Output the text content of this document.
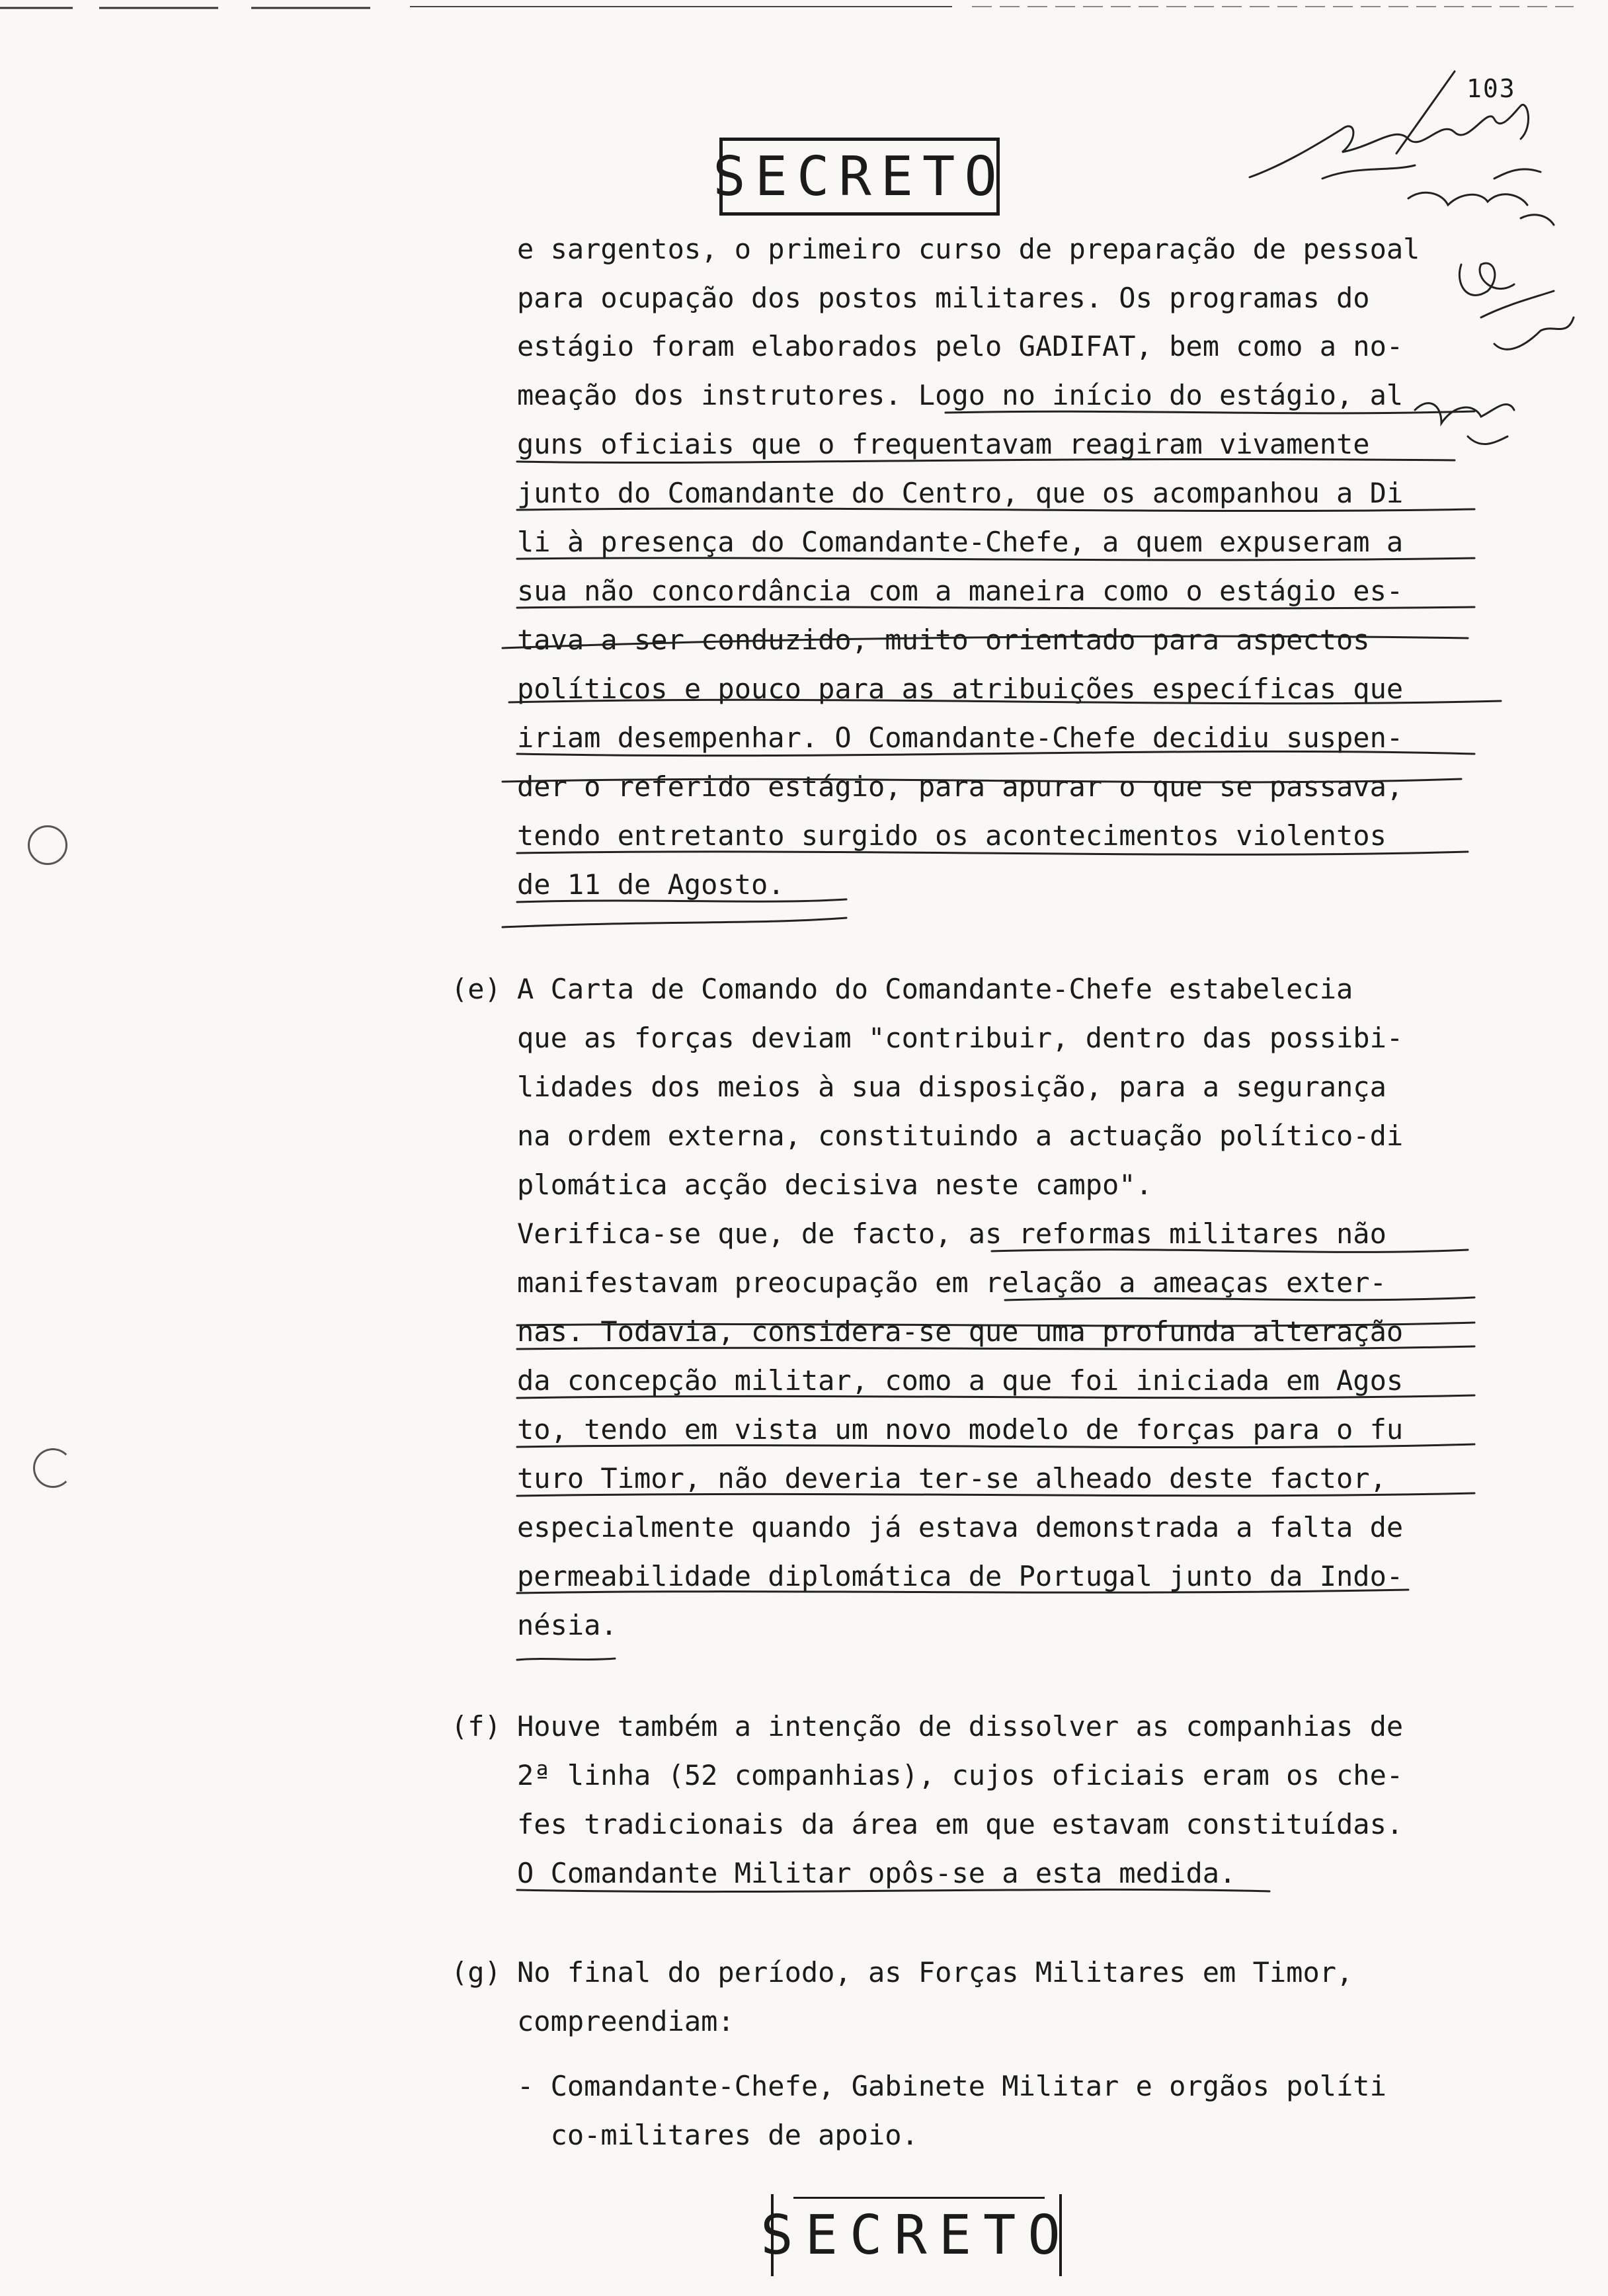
103
SECRETO
e sargentos, o primeiro curso de preparação de pessoal
para ocupação dos postos militares. Os programas do
estágio foram elaborados pelo GADIFAT, bem como a no-
meação dos instrutores. Logo no início do estágio, al
guns oficiais que o frequentavam reagiram vivamente
junto do Comandante do Centro, que os acompanhou a Di
li à presença do Comandante-Chefe, a quem expuseram a
sua não concordância com a maneira como o estágio es-
tava a ser conduzido, muito orientado para aspectos
políticos e pouco para as atribuições específicas que
iriam desempenhar. O Comandante-Chefe decidiu suspen-
der o referido estágio, para apurar o que se passava,
tendo entretanto surgido os acontecimentos violentos
de 11 de Agosto.
(e) A Carta de Comando do Comandante-Chefe estabelecia
que as forças deviam "contribuir, dentro das possibi-
lidades dos meios à sua disposição, para a segurança
na ordem externa, constituindo a actuação político-di
plomática acção decisiva neste campo".
Verifica-se que, de facto, as reformas militares não
manifestavam preocupação em relação a ameaças exter-
nas. Todavia, considera-se que uma profunda alteração
da concepção militar, como a que foi iniciada em Agos
to, tendo em vista um novo modelo de forças para o fu
turo Timor, não deveria ter-se alheado deste factor,
especialmente quando já estava demonstrada a falta de
permeabilidade diplomática de Portugal junto da Indo-
nésia.
(f) Houve também a intenção de dissolver as companhias de
2ª linha (52 companhias), cujos oficiais eram os che-
fes tradicionais da área em que estavam constituídas.
O Comandante Militar opôs-se a esta medida.
(g) No final do período, as Forças Militares em Timor,
compreendiam:
- Comandante-Chefe, Gabinete Militar e orgãos políti
co-militares de apoio.
SECRETO
